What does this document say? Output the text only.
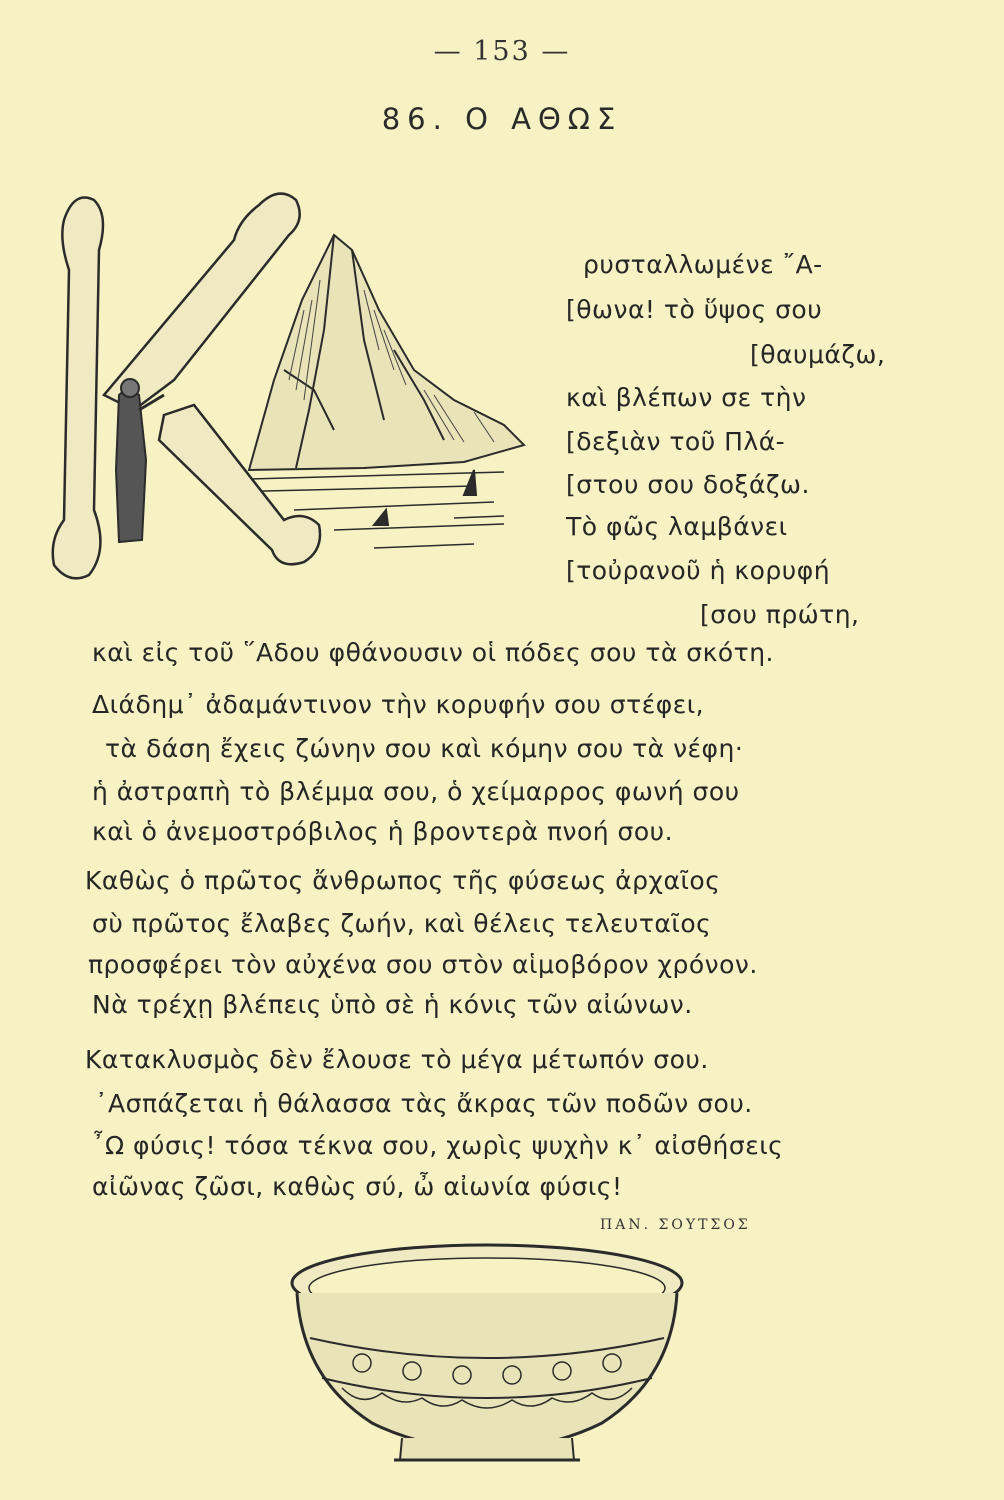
— 153 —
86. Ο ΑΘΩΣ
ρυσταλλωμένε ῎Α-
[θωνα! τὸ ὕψος σου
[θαυμάζω,
καὶ βλέπων σε τὴν
[δεξιὰν τοῦ Πλά-
[στου σου δοξάζω.
Τὸ φῶς λαμβάνει
[τοὐρανοῦ ἡ κορυφή
[σου πρώτη,
καὶ εἰς τοῦ ῞Αδου φθάνουσιν οἱ πόδες σου τὰ σκότη.
Διάδημ᾽ ἀδαμάντινον τὴν κορυφήν σου στέφει,
τὰ δάση ἔχεις ζώνην σου καὶ κόμην σου τὰ νέφη·
ἡ ἀστραπὴ τὸ βλέμμα σου, ὁ χείμαρρος φωνή σου
καὶ ὁ ἀνεμοστρόβιλος ἡ βροντερὰ πνοή σου.
Καθὼς ὁ πρῶτος ἄνθρωπος τῆς φύσεως ἀρχαῖος
σὺ πρῶτος ἔλαβες ζωήν, καὶ θέλεις τελευταῖος
προσφέρει τὸν αὐχένα σου στὸν αἱμοβόρον χρόνον.
Νὰ τρέχῃ βλέπεις ὑπὸ σὲ ἡ κόνις τῶν αἰώνων.
Κατακλυσμὸς δὲν ἔλουσε τὸ μέγα μέτωπόν σου.
᾿Ασπάζεται ἡ θάλασσα τὰς ἄκρας τῶν ποδῶν σου.
῏Ω φύσις! τόσα τέκνα σου, χωρὶς ψυχὴν κ᾽ αἰσθήσεις
αἰῶνας ζῶσι, καθὼς σύ, ὦ αἰωνία φύσις!
ΠΑΝ. ΣΟΥΤΣΟΣ
